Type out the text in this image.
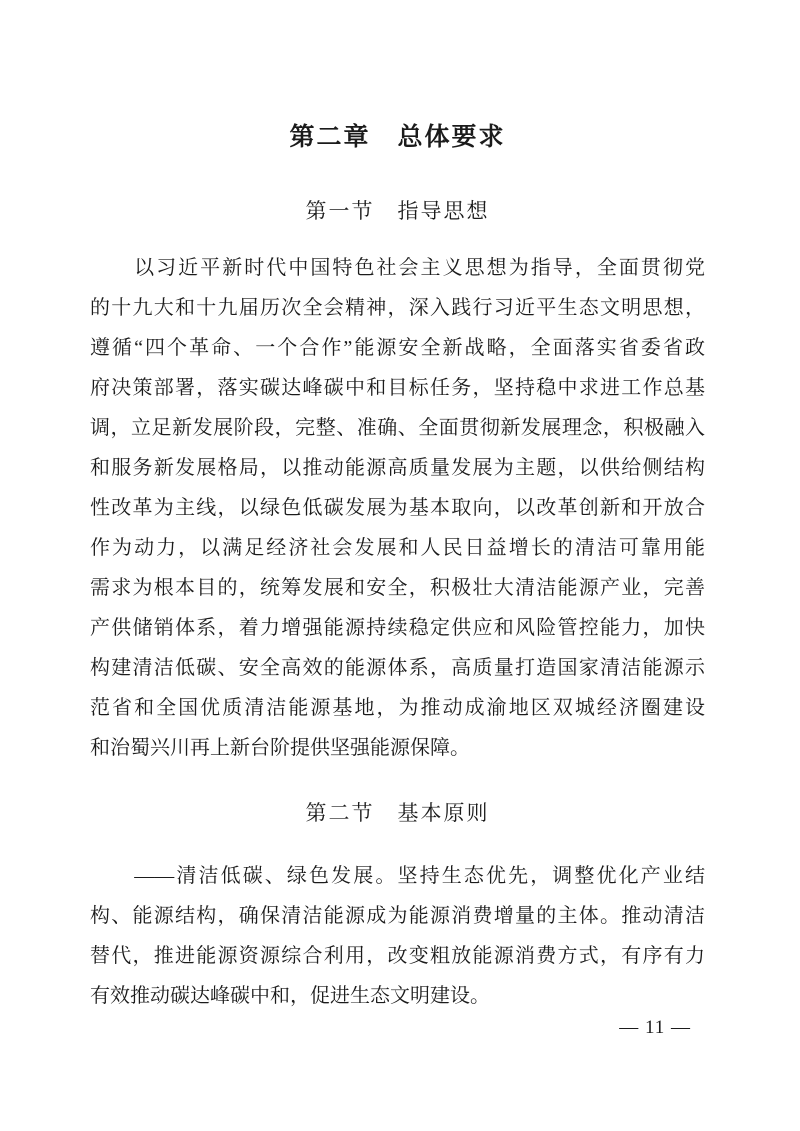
第二章　总体要求
第一节　指导思想
　　以习近平新时代中国特色社会主义思想为指导，全面贯彻党
的十九大和十九届历次全会精神，深入践行习近平生态文明思想，
遵循“四个革命、一个合作”能源安全新战略，全面落实省委省政
府决策部署，落实碳达峰碳中和目标任务，坚持稳中求进工作总基
调，立足新发展阶段，完整、准确、全面贯彻新发展理念，积极融入
和服务新发展格局，以推动能源高质量发展为主题，以供给侧结构
性改革为主线，以绿色低碳发展为基本取向，以改革创新和开放合
作为动力，以满足经济社会发展和人民日益增长的清洁可靠用能
需求为根本目的，统筹发展和安全，积极壮大清洁能源产业，完善
产供储销体系，着力增强能源持续稳定供应和风险管控能力，加快
构建清洁低碳、安全高效的能源体系，高质量打造国家清洁能源示
范省和全国优质清洁能源基地，为推动成渝地区双城经济圈建设
和治蜀兴川再上新台阶提供坚强能源保障。
第二节　基本原则
　　——清洁低碳、绿色发展。坚持生态优先，调整优化产业结
构、能源结构，确保清洁能源成为能源消费增量的主体。推动清洁
替代，推进能源资源综合利用，改变粗放能源消费方式，有序有力
有效推动碳达峰碳中和，促进生态文明建设。
— 11 —
